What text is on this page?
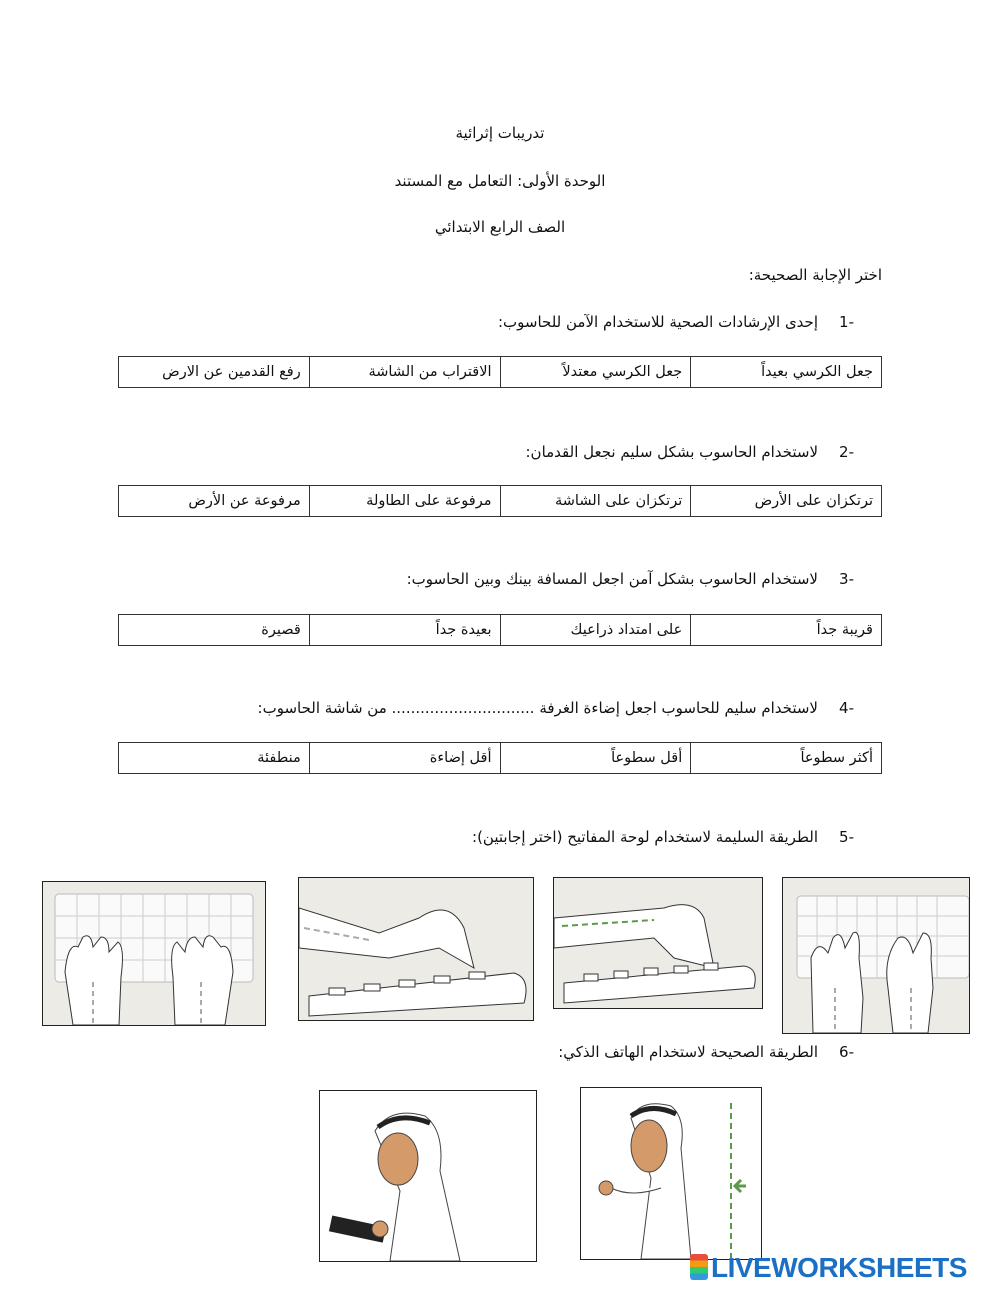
تدريبات إثرائية
الوحدة الأولى: التعامل مع المستند
الصف الرابع الابتدائي
اختر الإجابة الصحيحة:
-1إحدى الإرشادات الصحية للاستخدام الآمن للحاسوب:
جعل الكرسي بعيداً	جعل الكرسي معتدلاً	الاقتراب من الشاشة	رفع القدمين عن الارض
-2لاستخدام الحاسوب بشكل سليم نجعل القدمان:
ترتكزان على الأرض	ترتكزان على الشاشة	مرفوعة على الطاولة	مرفوعة عن الأرض
-3لاستخدام الحاسوب بشكل آمن اجعل المسافة بينك وبين الحاسوب:
قريبة جداً	على امتداد ذراعيك	بعيدة جداً	قصيرة
-4لاستخدام سليم للحاسوب اجعل إضاءة الغرفة .............................. من شاشة الحاسوب:
أكثر سطوعاً	أقل سطوعاً	أقل إضاءة	منطفئة
-5الطريقة السليمة لاستخدام لوحة المفاتيح (اختر إجابتين):
-6الطريقة الصحيحة لاستخدام الهاتف الذكي:
LIVEWORKSHEETS
